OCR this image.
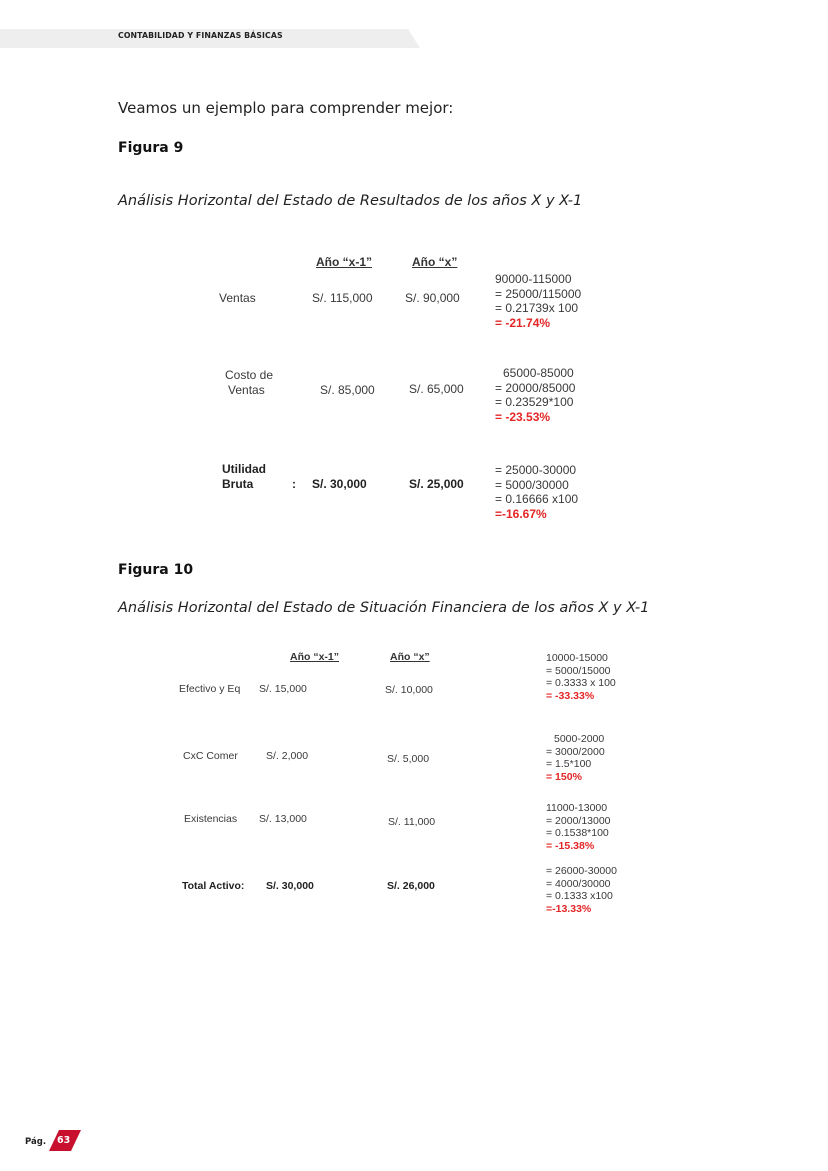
CONTABILIDAD Y FINANZAS BÁSICAS
Veamos un ejemplo para comprender mejor:
Figura 9
Análisis Horizontal del Estado de Resultados de los años X y X-1
Año “x-1”	Año “x”
Ventas	S/. 115,000	S/. 90,000
90000-115000
= 25000/115000
= 0.21739x 100
= -21.74%
Costo de
Ventas	S/. 85,000	S/. 65,000
65000-85000
= 20000/85000
= 0.23529*100
= -23.53%
Utilidad
Bruta	: S/. 30,000	S/. 25,000
= 25000-30000
= 5000/30000
= 0.16666 x100
=-16.67%
Figura 10
Análisis Horizontal del Estado de Situación Financiera de los años X y X-1
Año “x-1”	Año “x”
Efectivo y Eq S/. 15,000	S/. 10,000
10000-15000
= 5000/15000
= 0.3333 x 100
= -33.33%
CxC Comer	S/. 2,000	S/. 5,000
5000-2000
= 3000/2000
= 1.5*100
= 150%
Existencias S/. 13,000	S/. 11,000
11000-13000
= 2000/13000
= 0.1538*100
= -15.38%
Total Activo: S/. 30,000	S/. 26,000
= 26000-30000
= 4000/30000
= 0.1333 x100
=-13.33%
Pág. 63
